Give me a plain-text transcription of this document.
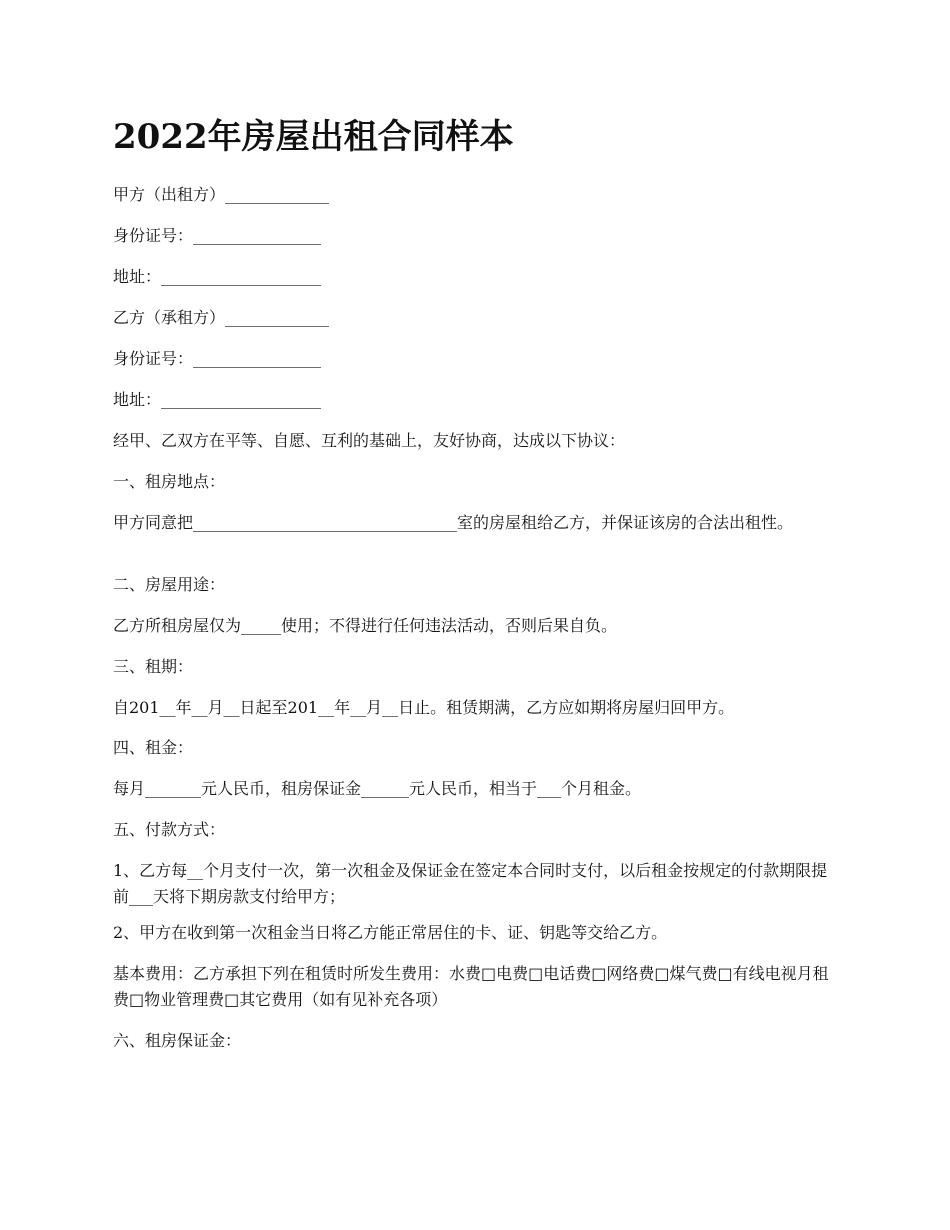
2022年房屋出租合同样本

甲方（出租方）_____________

身份证号：________________

地址：____________________

乙方（承租方）_____________

身份证号：________________

地址：____________________

经甲、乙双方在平等、自愿、互利的基础上，友好协商，达成以下协议：

一、租房地点：

甲方同意把_________________________________室的房屋租给乙方，并保证该房的合法出租性。

二、房屋用途：

乙方所租房屋仅为_____使用；不得进行任何违法活动，否则后果自负。

三、租期：

自201__年__月__日起至201__年__月__日止。租赁期满，乙方应如期将房屋归回甲方。

四、租金：

每月_______元人民币，租房保证金______元人民币，相当于___个月租金。

五、付款方式：

1、乙方每__个月支付一次，第一次租金及保证金在签定本合同时支付，以后租金按规定的付款期限提前___天将下期房款支付给甲方；

2、甲方在收到第一次租金当日将乙方能正常居住的卡、证、钥匙等交给乙方。

基本费用：乙方承担下列在租赁时所发生费用：水费□电费□电话费□网络费□煤气费□有线电视月租费□物业管理费□其它费用（如有见补充各项）

六、租房保证金：
